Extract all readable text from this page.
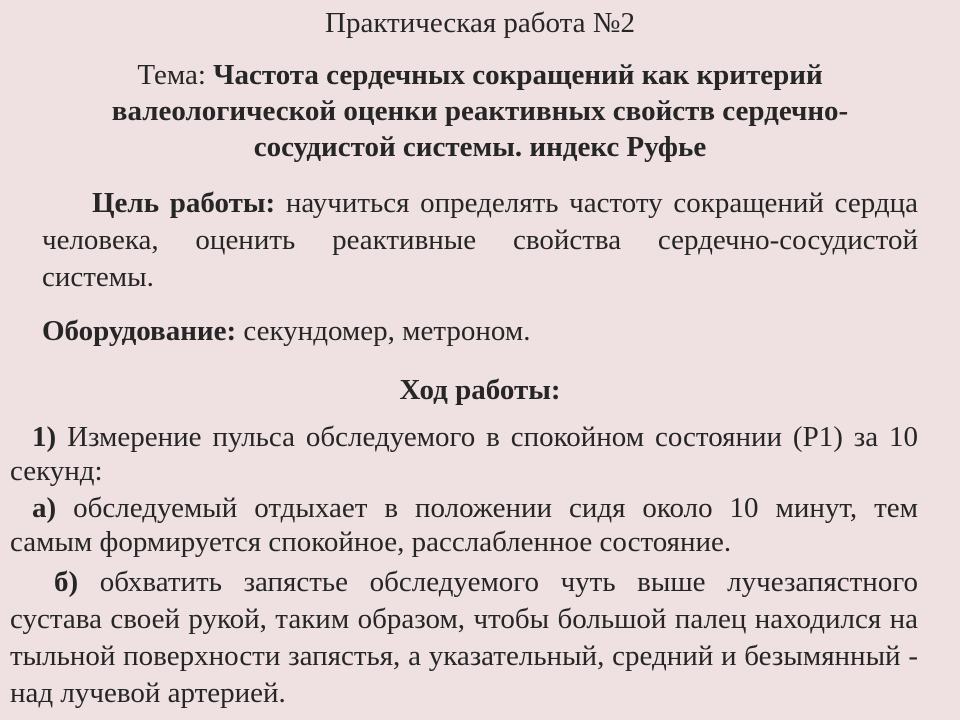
Практическая работа №2
Тема: Частота сердечных сокращений как критерий валеологической оценки реактивных свойств сердечно-сосудистой системы. индекс Руфье
Цель работы: научиться определять частоту сокращений сердца человека, оценить реактивные свойства сердечно-сосудистой системы.
Оборудование: секундомер, метроном.
Ход работы:
1) Измерение пульса обследуемого в спокойном состоянии (Р1) за 10 секунд:
а) обследуемый отдыхает в положении сидя около 10 минут, тем самым формируется спокойное, расслабленное состояние.
б) обхватить запястье обследуемого чуть выше лучезапястного сустава своей рукой, таким образом, чтобы большой палец находился на тыльной поверхности запястья, а указательный, средний и безымянный - над лучевой артерией.
